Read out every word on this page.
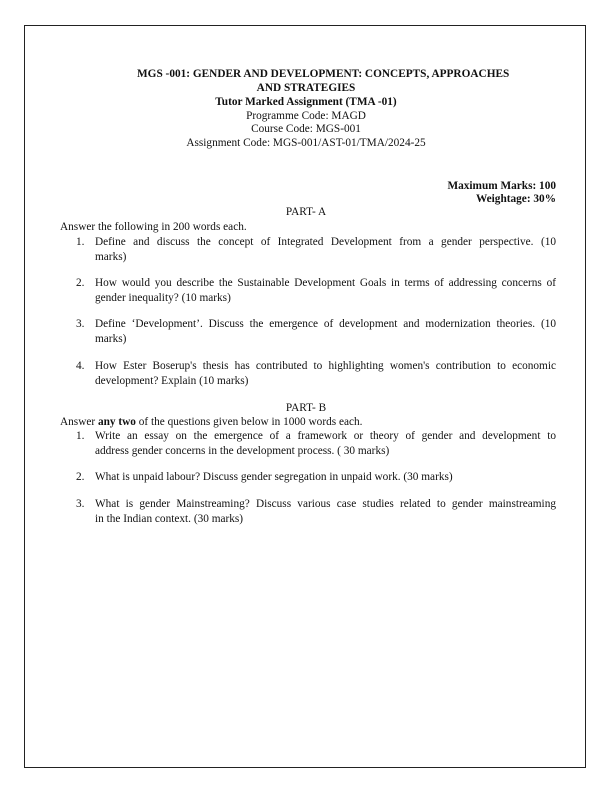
MGS -001: GENDER AND DEVELOPMENT: CONCEPTS, APPROACHES
AND STRATEGIES
Tutor Marked Assignment (TMA -01)
Programme Code: MAGD
Course Code: MGS-001
Assignment Code: MGS-001/AST-01/TMA/2024-25
Maximum Marks: 100
Weightage: 30%
PART- A
Answer the following in 200 words each.
1. Define and discuss the concept of Integrated Development from a gender perspective. (10
marks)
2. How would you describe the Sustainable Development Goals in terms of addressing concerns of
gender inequality? (10 marks)
3. Define ‘Development’. Discuss the emergence of development and modernization theories. (10
marks)
4. How Ester Boserup's thesis has contributed to highlighting women's contribution to economic
development? Explain (10 marks)
PART- B
Answer any two of the questions given below in 1000 words each.
1. Write an essay on the emergence of a framework or theory of gender and development to
address gender concerns in the development process. ( 30 marks)
2. What is unpaid labour? Discuss gender segregation in unpaid work. (30 marks)
3. What is gender Mainstreaming? Discuss various case studies related to gender mainstreaming
in the Indian context. (30 marks)
